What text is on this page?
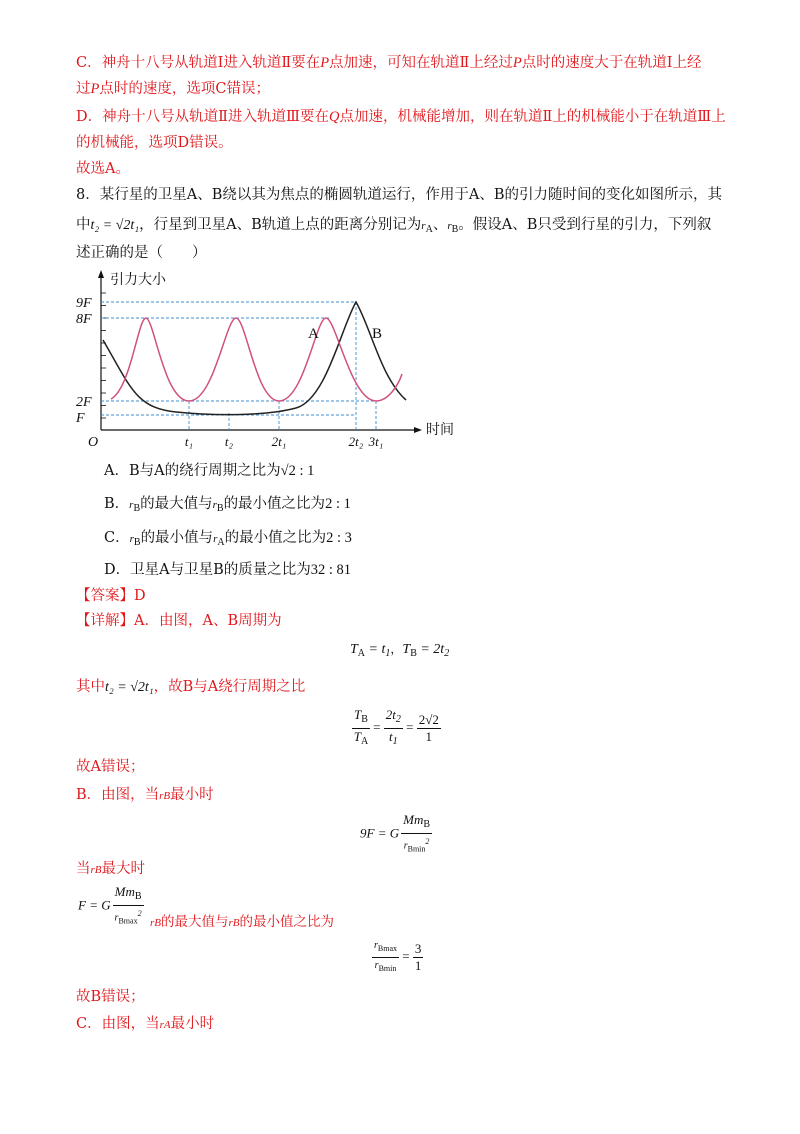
C．神舟十八号从轨道Ⅰ进入轨道Ⅱ要在P点加速，可知在轨道Ⅱ上经过P点时的速度大于在轨道Ⅰ上经
过P点时的速度，选项C错误；
D．神舟十八号从轨道Ⅱ进入轨道Ⅲ要在Q点加速，机械能增加，则在轨道Ⅱ上的机械能小于在轨道Ⅲ上
的机械能，选项D错误。
故选A。
8．某行星的卫星A、B绕以其为焦点的椭圆轨道运行，作用于A、B的引力随时间的变化如图所示，其
中t₂ = √2t₁，行星到卫星A、B轨道上点的距离分别记为$r_A$、$r_B$。假设A、B只受到行星的引力，下列叙
述正确的是（　　）
9F
8F
2F
F
t₁ t₂	2t₁	2t₂ 3t₁
O
引力大小
时间
A	B
A．B与A的绕行周期之比为√2 : 1
B．$r_B$的最大值与$r_B$的最小值之比为2 : 1
C．$r_B$的最小值与$r_A$的最小值之比为2 : 3
D．卫星A与卫星B的质量之比为32 : 81
【答案】D
【详解】A．由图，A、B周期为
$T_A = t_1$，$T_B = 2t_2$
其中t₂ = √2t₁，故B与A绕行周期之比
$\frac{T_B}{T_A} = \frac{2t_2}{t_1} = \frac{2√2}{1}$
故A错误；
B．由图，当rB最小时
9F = G $\frac{Mm_B}{r_{Bmin}^2}$
当rB最大时
F = G $\frac{Mm_B}{r_{Bmax}^2}$ rB的最大值与rB的最小值之比为
$\frac{r_{Bmax}}{r_{Bmin}} = \frac{3}{1}$
故B错误；
C．由图，当rA最小时
